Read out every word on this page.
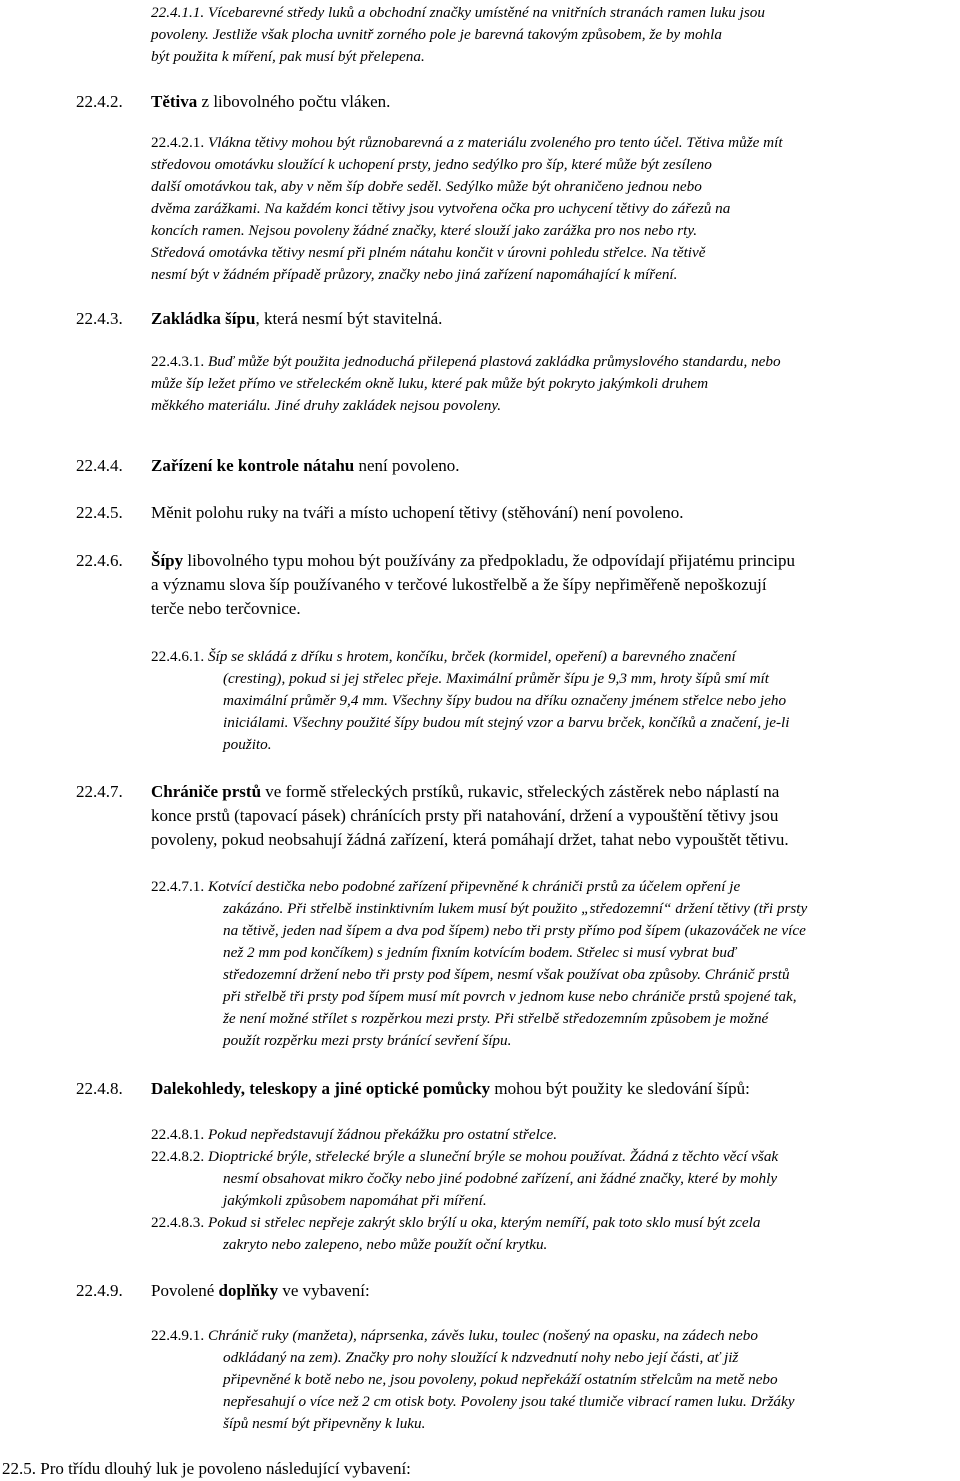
22.4.1.1. Vícebarevné středy luků a obchodní značky umístěné na vnitřních stranách ramen luku jsou
povoleny. Jestliže však plocha uvnitř zorného pole je barevná takovým způsobem, že by mohla
být použita k míření, pak musí být přelepena.
22.4.2. Tětiva z libovolného počtu vláken.
22.4.2.1. Vlákna tětivy mohou být různobarevná a z materiálu zvoleného pro tento účel. Tětiva může mít
středovou omotávku sloužící k uchopení prsty, jedno sedýlko pro šíp, které může být zesíleno
další omotávkou tak, aby v něm šíp dobře seděl. Sedýlko může být ohraničeno jednou nebo
dvěma zarážkami. Na každém konci tětivy jsou vytvořena očka pro uchycení tětivy do zářezů na
koncích ramen. Nejsou povoleny žádné značky, které slouží jako zarážka pro nos nebo rty.
Středová omotávka tětivy nesmí při plném nátahu končit v úrovni pohledu střelce. Na tětivě
nesmí být v žádném případě průzory, značky nebo jiná zařízení napomáhající k míření.
22.4.3. Zakládka šípu, která nesmí být stavitelná.
22.4.3.1. Buď může být použita jednoduchá přilepená plastová zakládka průmyslového standardu, nebo
může šíp ležet přímo ve střeleckém okně luku, které pak může být pokryto jakýmkoli druhem
měkkého materiálu. Jiné druhy zakládek nejsou povoleny.
22.4.4. Zařízení ke kontrole nátahu není povoleno.
22.4.5. Měnit polohu ruky na tváři a místo uchopení tětivy (stěhování) není povoleno.
22.4.6. Šípy libovolného typu mohou být používány za předpokladu, že odpovídají přijatému principu
a významu slova šíp používaného v terčové lukostřelbě a že šípy nepřiměřeně nepoškozují
terče nebo terčovnice.
22.4.6.1. Šíp se skládá z dříku s hrotem, končíku, brček (kormidel, opeření) a barevného značení
(cresting), pokud si jej střelec přeje. Maximální průměr šípu je 9,3 mm, hroty šípů smí mít
maximální průměr 9,4 mm. Všechny šípy budou na dříku označeny jménem střelce nebo jeho
iniciálami. Všechny použité šípy budou mít stejný vzor a barvu brček, končíků a značení, je-li
použito.
22.4.7. Chrániče prstů ve formě střeleckých prstíků, rukavic, střeleckých zástěrek nebo náplastí na
konce prstů (tapovací pásek) chránících prsty při natahování, držení a vypouštění tětivy jsou
povoleny, pokud neobsahují žádná zařízení, která pomáhají držet, tahat nebo vypouštět tětivu.
22.4.7.1. Kotvící destička nebo podobné zařízení připevněné k chrániči prstů za účelem opření je
zakázáno. Při střelbě instinktivním lukem musí být použito „středozemní“ držení tětivy (tři prsty
na tětivě, jeden nad šípem a dva pod šípem) nebo tři prsty přímo pod šípem (ukazováček ne více
než 2 mm pod končíkem) s jedním fixním kotvícím bodem. Střelec si musí vybrat buď
středozemní držení nebo tři prsty pod šípem, nesmí však používat oba způsoby. Chránič prstů
při střelbě tři prsty pod šípem musí mít povrch v jednom kuse nebo chrániče prstů spojené tak,
že není možné střílet s rozpěrkou mezi prsty. Při střelbě středozemním způsobem je možné
použít rozpěrku mezi prsty bránící sevření šípu.
22.4.8. Dalekohledy, teleskopy a jiné optické pomůcky mohou být použity ke sledování šípů:
22.4.8.1. Pokud nepředstavují žádnou překážku pro ostatní střelce.
22.4.8.2. Dioptrické brýle, střelecké brýle a sluneční brýle se mohou používat. Žádná z těchto věcí však
nesmí obsahovat mikro čočky nebo jiné podobné zařízení, ani žádné značky, které by mohly
jakýmkoli způsobem napomáhat při míření.
22.4.8.3. Pokud si střelec nepřeje zakrýt sklo brýlí u oka, kterým nemíří, pak toto sklo musí být zcela
zakryto nebo zalepeno, nebo může použít oční krytku.
22.4.9. Povolené doplňky ve vybavení:
22.4.9.1. Chránič ruky (manžeta), náprsenka, závěs luku, toulec (nošený na opasku, na zádech nebo
odkládaný na zem). Značky pro nohy sloužící k ndzvednutí nohy nebo její části, ať již
připevněné k botě nebo ne, jsou povoleny, pokud nepřekáží ostatním střelcům na metě nebo
nepřesahují o více než 2 cm otisk boty. Povoleny jsou také tlumiče vibrací ramen luku. Držáky
šípů nesmí být připevněny k luku.
22.5. Pro třídu dlouhý luk je povoleno následující vybavení:
